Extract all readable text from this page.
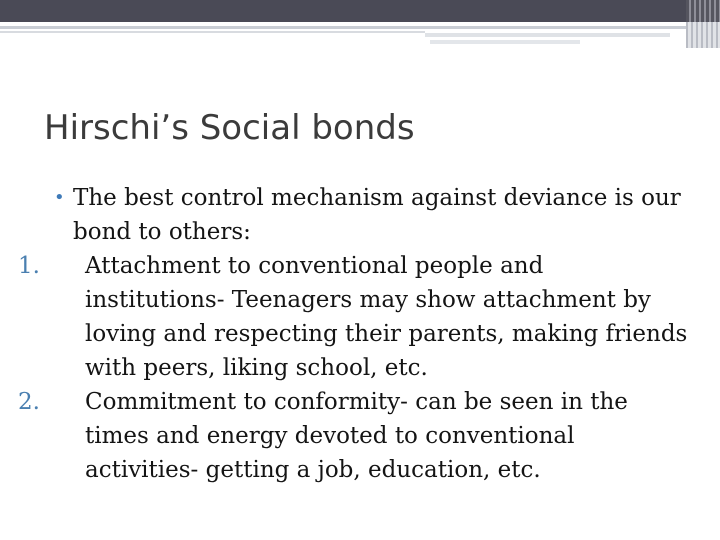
Hirschi’s Social bonds

• The best control mechanism against deviance is our bond to others:

1. Attachment to conventional people and institutions- Teenagers may show attachment by loving and respecting their parents, making friends with peers, liking school, etc.

2. Commitment to conformity- can be seen in the times and energy devoted to conventional activities- getting a job, education, etc.
